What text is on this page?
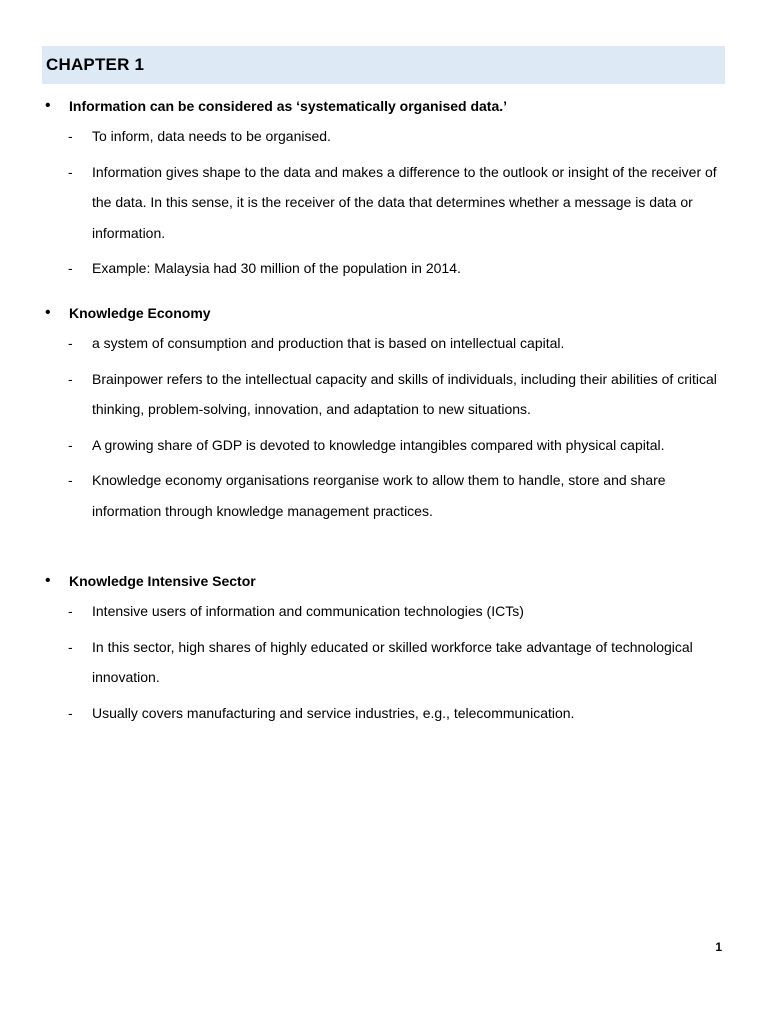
CHAPTER 1
•	Information can be considered as ‘systematically organised data.’
-	To inform, data needs to be organised.
-	Information gives shape to the data and makes a difference to the outlook or insight of the receiver of the data. In this sense, it is the receiver of the data that determines whether a message is data or information.
-	Example: Malaysia had 30 million of the population in 2014.
•	Knowledge Economy
-	a system of consumption and production that is based on intellectual capital.
-	Brainpower refers to the intellectual capacity and skills of individuals, including their abilities of critical thinking, problem-solving, innovation, and adaptation to new situations.
-	A growing share of GDP is devoted to knowledge intangibles compared with physical capital.
-	Knowledge economy organisations reorganise work to allow them to handle, store and share information through knowledge management practices.
•	Knowledge Intensive Sector
-	Intensive users of information and communication technologies (ICTs)
-	In this sector, high shares of highly educated or skilled workforce take advantage of technological innovation.
-	Usually covers manufacturing and service industries, e.g., telecommunication.
1
